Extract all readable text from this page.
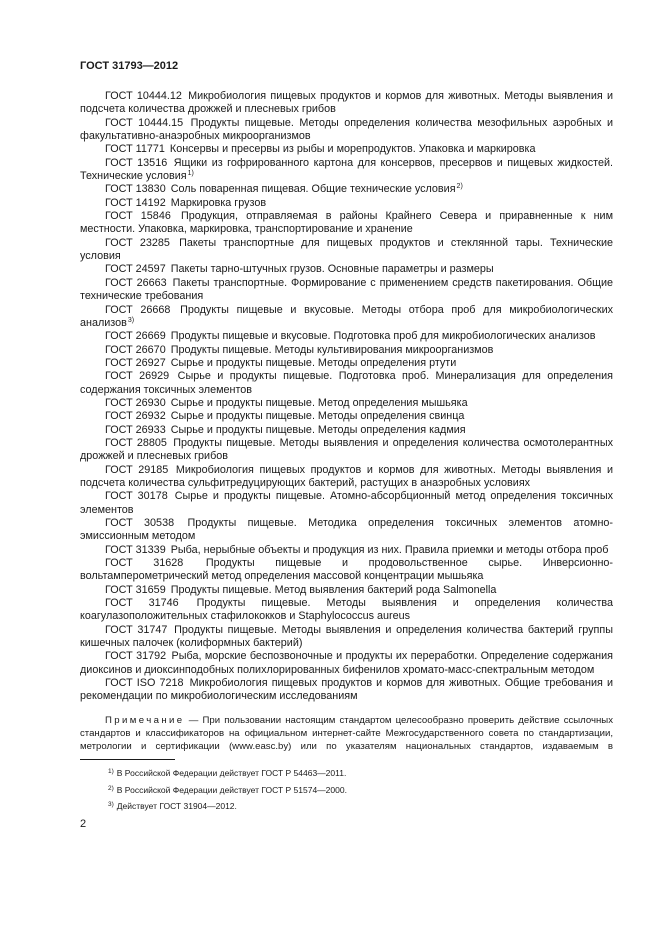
ГОСТ 31793—2012

ГОСТ 10444.12 Микробиология пищевых продуктов и кормов для животных. Методы выявления и подсчета количества дрожжей и плесневых грибов

ГОСТ 10444.15 Продукты пищевые. Методы определения количества мезофильных аэробных и факультативно-анаэробных микроорганизмов

ГОСТ 11771 Консервы и пресервы из рыбы и морепродуктов. Упаковка и маркировка

ГОСТ 13516 Ящики из гофрированного картона для консервов, пресервов и пищевых жидкостей. Технические условия$^{1)}$

ГОСТ 13830 Соль поваренная пищевая. Общие технические условия$^{2)}$

ГОСТ 14192 Маркировка грузов

ГОСТ 15846 Продукция, отправляемая в районы Крайнего Севера и приравненные к ним местности. Упаковка, маркировка, транспортирование и хранение

ГОСТ 23285 Пакеты транспортные для пищевых продуктов и стеклянной тары. Технические условия

ГОСТ 24597 Пакеты тарно-штучных грузов. Основные параметры и размеры

ГОСТ 26663 Пакеты транспортные. Формирование с применением средств пакетирования. Общие технические требования

ГОСТ 26668 Продукты пищевые и вкусовые. Методы отбора проб для микробиологических анализов$^{3)}$

ГОСТ 26669 Продукты пищевые и вкусовые. Подготовка проб для микробиологических анализов

ГОСТ 26670 Продукты пищевые. Методы культивирования микроорганизмов

ГОСТ 26927 Сырье и продукты пищевые. Методы определения ртути

ГОСТ 26929 Сырье и продукты пищевые. Подготовка проб. Минерализация для определения содержания токсичных элементов

ГОСТ 26930 Сырье и продукты пищевые. Метод определения мышьяка

ГОСТ 26932 Сырье и продукты пищевые. Методы определения свинца

ГОСТ 26933 Сырье и продукты пищевые. Методы определения кадмия

ГОСТ 28805 Продукты пищевые. Методы выявления и определения количества осмотолерантных дрожжей и плесневых грибов

ГОСТ 29185 Микробиология пищевых продуктов и кормов для животных. Методы выявления и подсчета количества сульфитредуцирующих бактерий, растущих в анаэробных условиях

ГОСТ 30178 Сырье и продукты пищевые. Атомно-абсорбционный метод определения токсичных элементов

ГОСТ 30538 Продукты пищевые. Методика определения токсичных элементов атомно-эмиссионным методом

ГОСТ 31339 Рыба, нерыбные объекты и продукция из них. Правила приемки и методы отбора проб

ГОСТ 31628 Продукты пищевые и продовольственное сырье. Инверсионно-вольтамперометрический метод определения массовой концентрации мышьяка

ГОСТ 31659 Продукты пищевые. Метод выявления бактерий рода Salmonella

ГОСТ 31746 Продукты пищевые. Методы выявления и определения количества коагулазоположительных стафилококков и Staphylococcus aureus

ГОСТ 31747 Продукты пищевые. Методы выявления и определения количества бактерий группы кишечных палочек (колиформных бактерий)

ГОСТ 31792 Рыба, морские беспозвоночные и продукты их переработки. Определение содержания диоксинов и диоксинподобных полихлорированных бифенилов хромато-масс-спектральным методом

ГОСТ ISO 7218 Микробиология пищевых продуктов и кормов для животных. Общие требования и рекомендации по микробиологическим исследованиям

Примечание — При пользовании настоящим стандартом целесообразно проверить действие ссылочных стандартов и классификаторов на официальном интернет-сайте Межгосударственного совета по стандартизации, метрологии и сертификации (www.easc.by) или по указателям национальных стандартов, издаваемым в

$^{1)}$ В Российской Федерации действует ГОСТ Р 54463—2011.

$^{2)}$ В Российской Федерации действует ГОСТ Р 51574—2000.

$^{3)}$ Действует ГОСТ 31904—2012.

2
